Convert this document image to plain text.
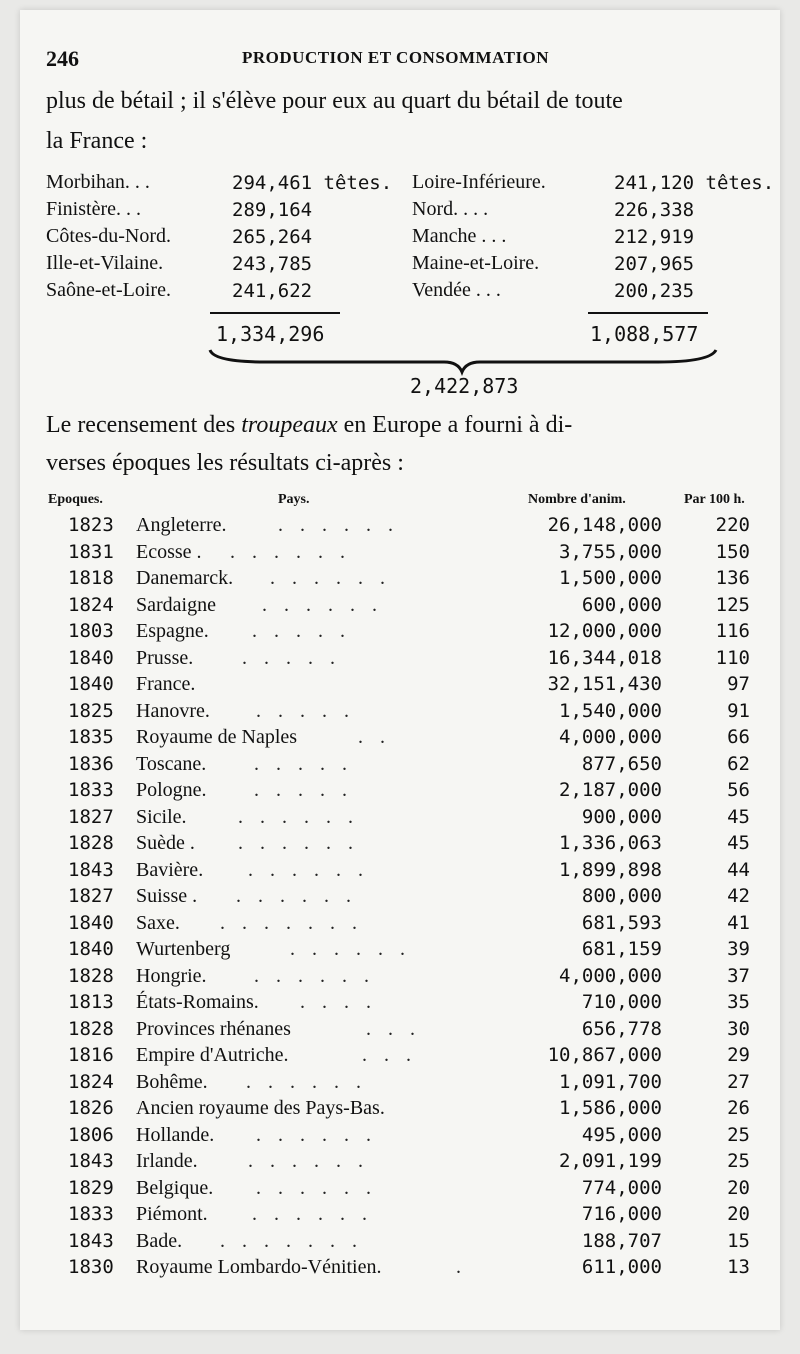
246	PRODUCTION ET CONSOMMATION
plus de bétail ; il s'élève pour eux au quart du bétail de toute
la France :
Morbihan. . .	294,461 têtes.
Finistère. . .	289,164
Côtes-du-Nord.	265,264
Ille-et-Vilaine.	243,785
Saône-et-Loire.	241,622
Loire-Inférieure.	241,120 têtes.
Nord. . . .	226,338
Manche . . .	212,919
Maine-et-Loire.	207,965
Vendée . . .	200,235
1,334,296	1,088,577
2,422,873
Le recensement des troupeaux en Europe a fourni à di-
verses époques les résultats ci-après :
Epoques.	Pays.	Nombre d'anim.	Par 100 h.
1823 Angleterre.	. . . . . .	26,148,000	220
1831 Ecosse . . . . . . .	3,755,000	150
1818 Danemarck. . . . . . .	1,500,000	136
1824 Sardaigne . . . . . .	600,000	125
1803 Espagne. . . . . .	12,000,000	116
1840 Prusse. . . . . .	16,344,018	110
1840 France.	32,151,430	97
1825 Hanovre. . . . . .	1,540,000	91
1835 Royaume de Naples	. .	4,000,000	66
1836 Toscane. . . . . .	877,650	62
1833 Pologne. . . . . .	2,187,000	56
1827 Sicile.	. . . . . .	900,000	45
1828 Suède . . . . . . .	1,336,063	45
1843 Bavière. . . . . . .	1,899,898	44
1827 Suisse . . . . . . .	800,000	42
1840 Saxe. . . . . . . .	681,593	41
1840 Wurtenberg	. . . . . .	681,159	39
1828 Hongrie. . . . . . .	4,000,000	37
1813 États-Romains. . . . .	710,000	35
1828 Provinces rhénanes	. . .	656,778	30
1816 Empire d'Autriche.	. . .	10,867,000	29
1824 Bohême. . . . . . .	1,091,700	27
1826 Ancien royaume des Pays-Bas.	1,586,000	26
1806 Hollande. . . . . . .	495,000	25
1843 Irlande.	. . . . . .	2,091,199	25
1829 Belgique. . . . . . .	774,000	20
1833 Piémont. . . . . . .	716,000	20
1843 Bade. . . . . . . .	188,707	15
1830 Royaume Lombardo-Vénitien.	.	611,000	13
